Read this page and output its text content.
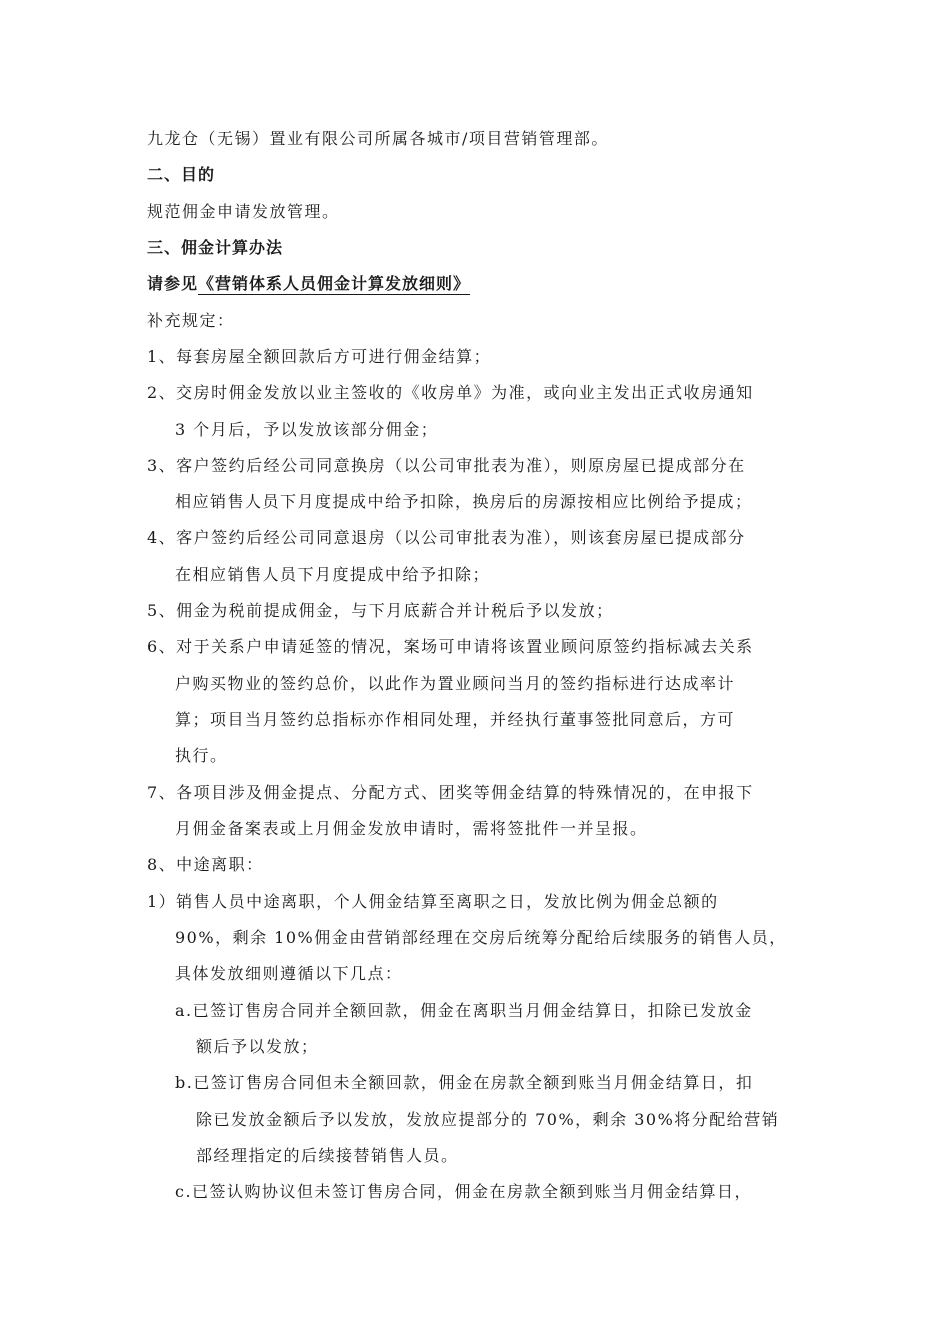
九龙仓（无锡）置业有限公司所属各城市/项目营销管理部。
二、目的
规范佣金申请发放管理。
三、佣金计算办法
请参见《营销体系人员佣金计算发放细则》
补充规定：
1、每套房屋全额回款后方可进行佣金结算；
2、交房时佣金发放以业主签收的《收房单》为准，或向业主发出正式收房通知
3 个月后，予以发放该部分佣金；
3、客户签约后经公司同意换房（以公司审批表为准），则原房屋已提成部分在
相应销售人员下月度提成中给予扣除，换房后的房源按相应比例给予提成；
4、客户签约后经公司同意退房（以公司审批表为准），则该套房屋已提成部分
在相应销售人员下月度提成中给予扣除；
5、佣金为税前提成佣金，与下月底薪合并计税后予以发放；
6、对于关系户申请延签的情况，案场可申请将该置业顾问原签约指标减去关系
户购买物业的签约总价，以此作为置业顾问当月的签约指标进行达成率计
算；项目当月签约总指标亦作相同处理，并经执行董事签批同意后，方可
执行。
7、各项目涉及佣金提点、分配方式、团奖等佣金结算的特殊情况的，在申报下
月佣金备案表或上月佣金发放申请时，需将签批件一并呈报。
8、中途离职：
1）销售人员中途离职，个人佣金结算至离职之日，发放比例为佣金总额的
90%，剩余 10%佣金由营销部经理在交房后统筹分配给后续服务的销售人员，
具体发放细则遵循以下几点：
a.已签订售房合同并全额回款，佣金在离职当月佣金结算日，扣除已发放金
额后予以发放；
b.已签订售房合同但未全额回款，佣金在房款全额到账当月佣金结算日，扣
除已发放金额后予以发放，发放应提部分的 70%，剩余 30%将分配给营销
部经理指定的后续接替销售人员。
c.已签认购协议但未签订售房合同，佣金在房款全额到账当月佣金结算日，
